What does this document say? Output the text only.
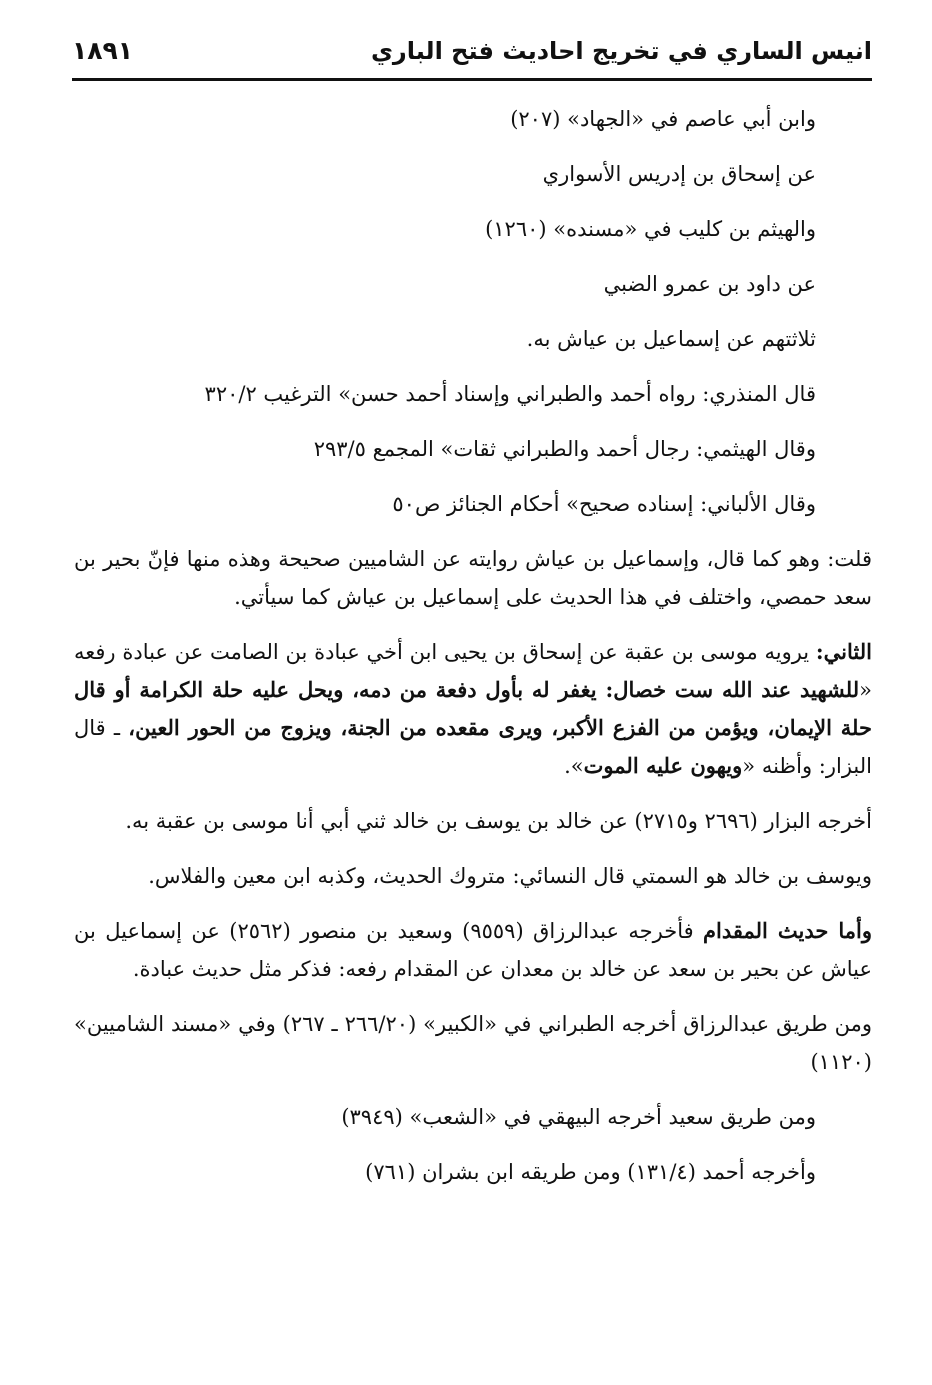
انيس الساري في تخريج احاديث فتح الباري
١٨٩١
وابن أبي عاصم في «الجهاد» (٢٠٧)
عن إسحاق بن إدريس الأسواري
والهيثم بن كليب في «مسنده» (١٢٦٠)
عن داود بن عمرو الضبي
ثلاثتهم عن إسماعيل بن عياش به.
قال المنذري: رواه أحمد والطبراني وإسناد أحمد حسن» الترغيب ٣٢٠/٢
وقال الهيثمي: رجال أحمد والطبراني ثقات» المجمع ٢٩٣/٥
وقال الألباني: إسناده صحيح» أحكام الجنائز ص٥٠
قلت: وهو كما قال، وإسماعيل بن عياش روايته عن الشاميين صحيحة وهذه منها فإنّ بحير بن سعد حمصي، واختلف في هذا الحديث على إسماعيل بن عياش كما سيأتي.
الثاني: يرويه موسى بن عقبة عن إسحاق بن يحيى ابن أخي عبادة بن الصامت عن عبادة رفعه «للشهيد عند الله ست خصال: يغفر له بأول دفعة من دمه، ويحل عليه حلة الكرامة أو قال حلة الإيمان، ويؤمن من الفزع الأكبر، ويرى مقعده من الجنة، ويزوج من الحور العين، ـ قال البزار: وأظنه «ويهون عليه الموت».
أخرجه البزار (٢٦٩٦ و٢٧١٥) عن خالد بن يوسف بن خالد ثني أبي أنا موسى بن عقبة به.
ويوسف بن خالد هو السمتي قال النسائي: متروك الحديث، وكذبه ابن معين والفلاس.
وأما حديث المقدام فأخرجه عبدالرزاق (٩٥٥٩) وسعيد بن منصور (٢٥٦٢) عن إسماعيل بن عياش عن بحير بن سعد عن خالد بن معدان عن المقدام رفعه: فذكر مثل حديث عبادة.
ومن طريق عبدالرزاق أخرجه الطبراني في «الكبير» (٢٦٦/٢٠ ـ ٢٦٧) وفي «مسند الشاميين» (١١٢٠)
ومن طريق سعيد أخرجه البيهقي في «الشعب» (٣٩٤٩)
وأخرجه أحمد (١٣١/٤) ومن طريقه ابن بشران (٧٦١)
